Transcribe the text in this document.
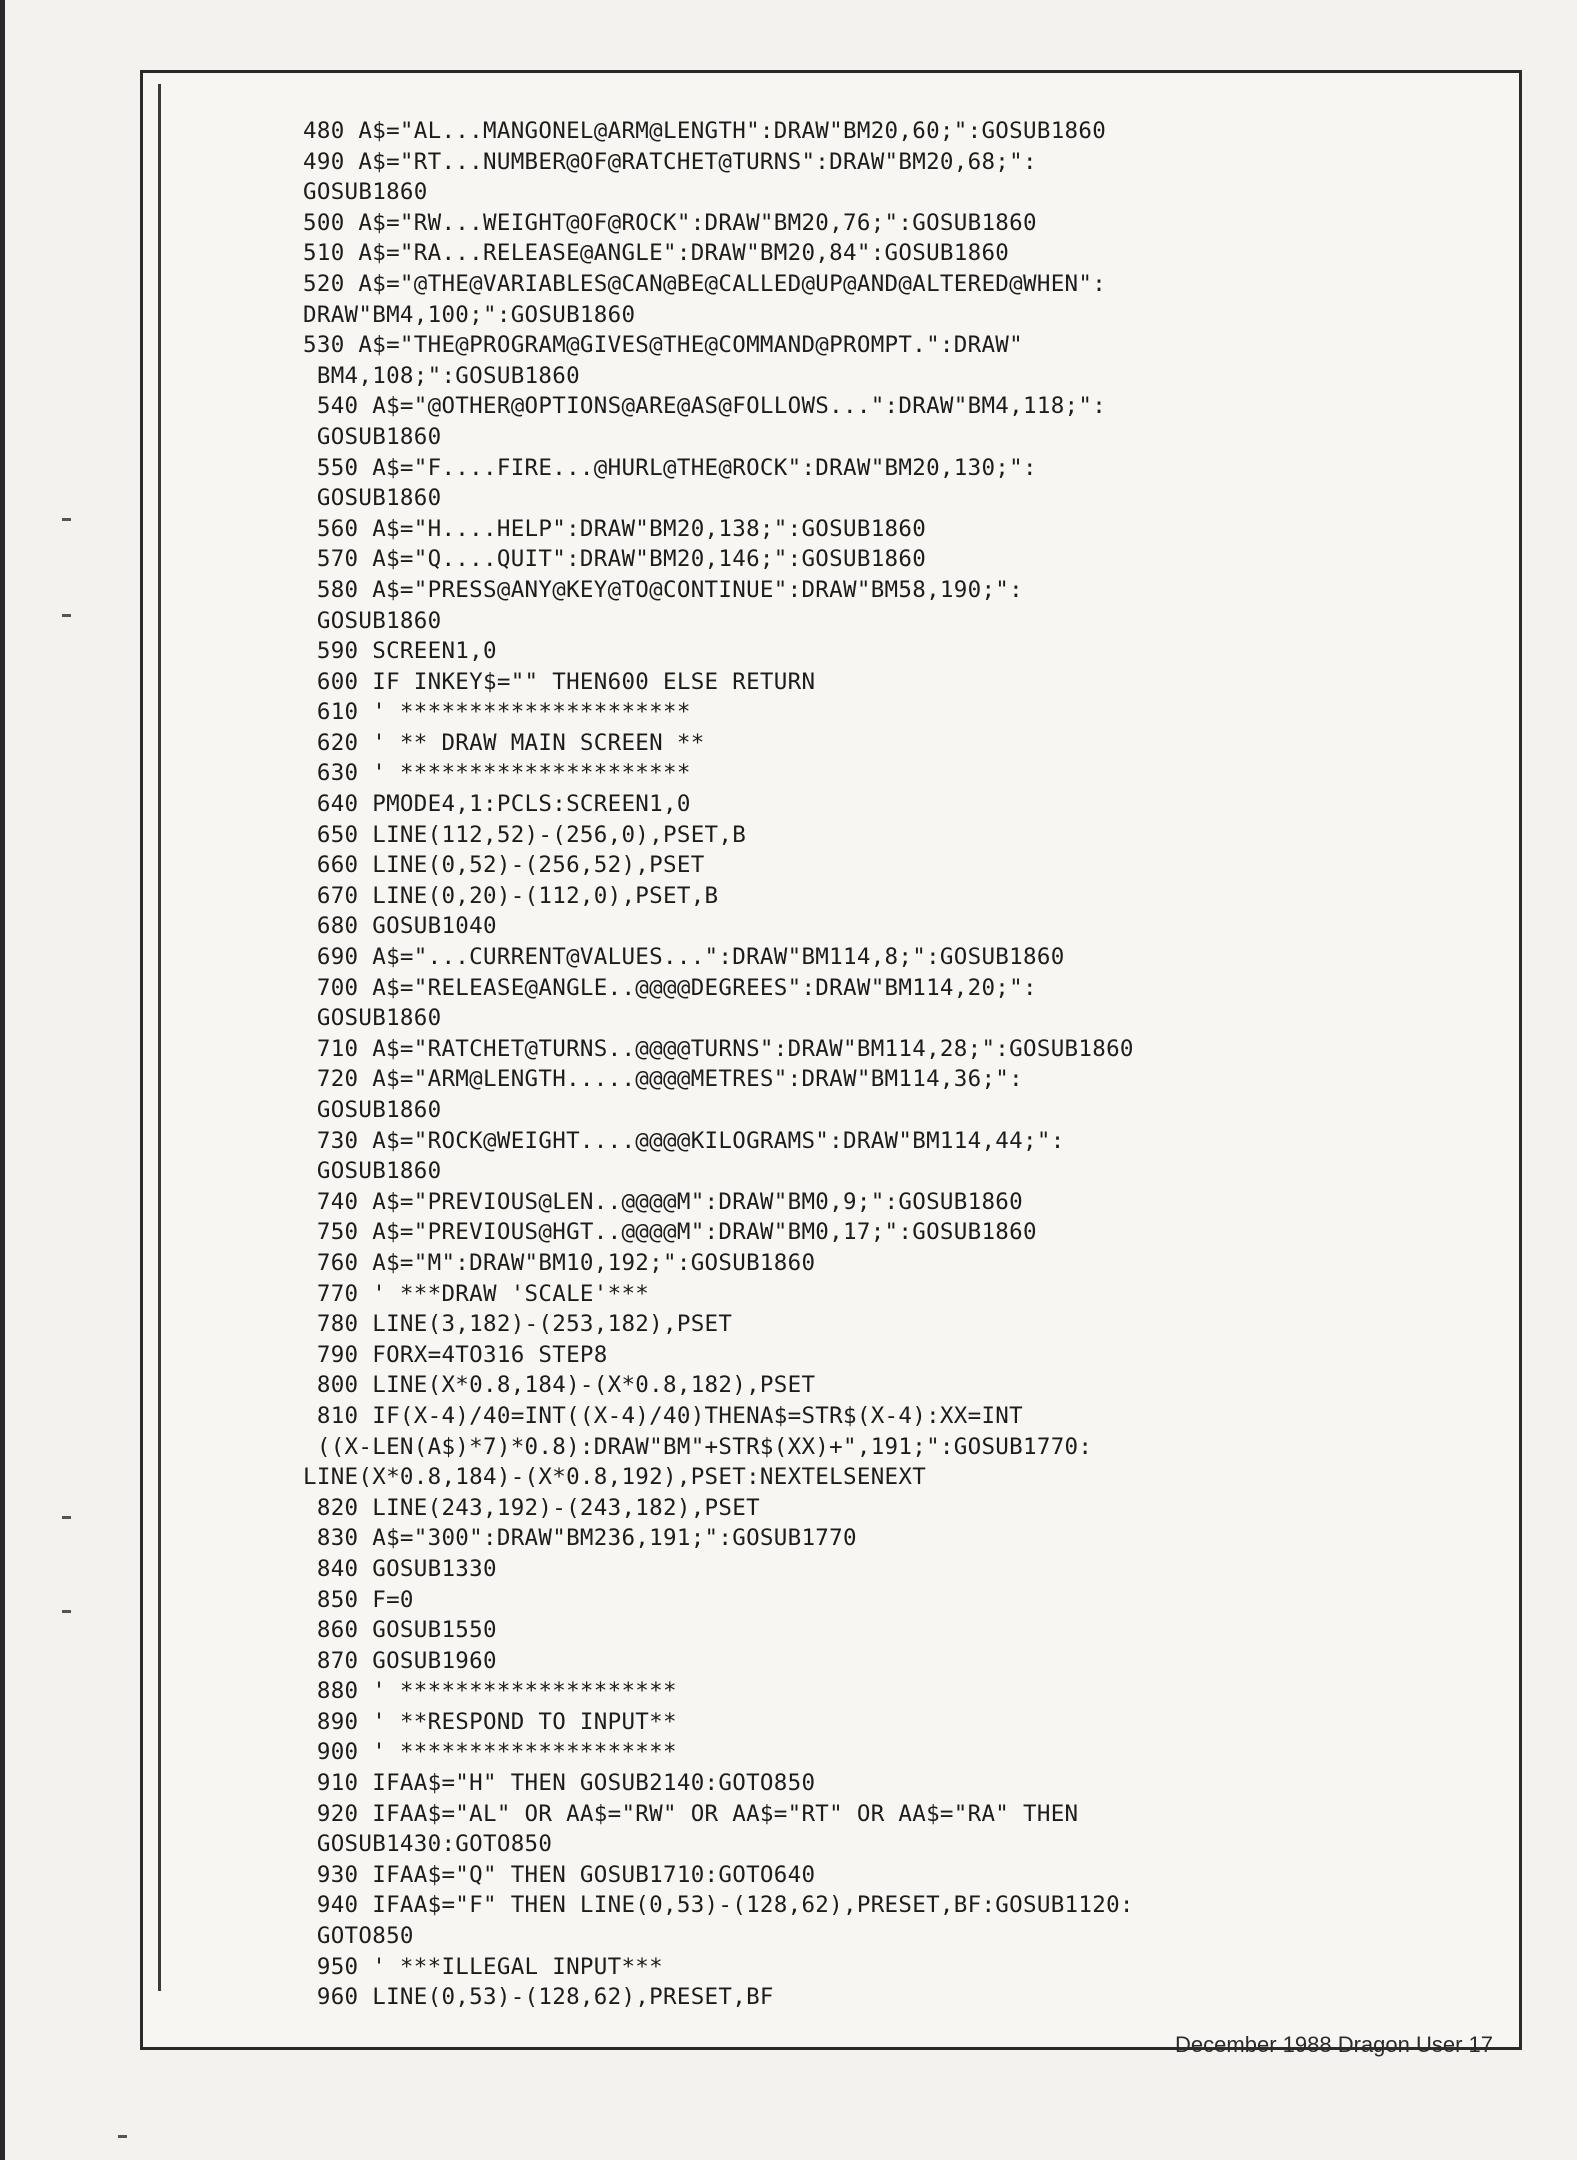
480 A$="AL...MANGONEL@ARM@LENGTH":DRAW"BM20,60;":GOSUB1860
490 A$="RT...NUMBER@OF@RATCHET@TURNS":DRAW"BM20,68;":
GOSUB1860
500 A$="RW...WEIGHT@OF@ROCK":DRAW"BM20,76;":GOSUB1860
510 A$="RA...RELEASE@ANGLE":DRAW"BM20,84":GOSUB1860
520 A$="@THE@VARIABLES@CAN@BE@CALLED@UP@AND@ALTERED@WHEN":
DRAW"BM4,100;":GOSUB1860
530 A$="THE@PROGRAM@GIVES@THE@COMMAND@PROMPT.":DRAW"
BM4,108;":GOSUB1860
540 A$="@OTHER@OPTIONS@ARE@AS@FOLLOWS...":DRAW"BM4,118;":
GOSUB1860
550 A$="F....FIRE...@HURL@THE@ROCK":DRAW"BM20,130;":
GOSUB1860
560 A$="H....HELP":DRAW"BM20,138;":GOSUB1860
570 A$="Q....QUIT":DRAW"BM20,146;":GOSUB1860
580 A$="PRESS@ANY@KEY@TO@CONTINUE":DRAW"BM58,190;":
GOSUB1860
590 SCREEN1,0
600 IF INKEY$="" THEN600 ELSE RETURN
610 ' *********************
620 ' ** DRAW MAIN SCREEN **
630 ' *********************
640 PMODE4,1:PCLS:SCREEN1,0
650 LINE(112,52)-(256,0),PSET,B
660 LINE(0,52)-(256,52),PSET
670 LINE(0,20)-(112,0),PSET,B
680 GOSUB1040
690 A$="...CURRENT@VALUES...":DRAW"BM114,8;":GOSUB1860
700 A$="RELEASE@ANGLE..@@@@DEGREES":DRAW"BM114,20;":
GOSUB1860
710 A$="RATCHET@TURNS..@@@@TURNS":DRAW"BM114,28;":GOSUB1860
720 A$="ARM@LENGTH.....@@@@METRES":DRAW"BM114,36;":
GOSUB1860
730 A$="ROCK@WEIGHT....@@@@KILOGRAMS":DRAW"BM114,44;":
GOSUB1860
740 A$="PREVIOUS@LEN..@@@@M":DRAW"BM0,9;":GOSUB1860
750 A$="PREVIOUS@HGT..@@@@M":DRAW"BM0,17;":GOSUB1860
760 A$="M":DRAW"BM10,192;":GOSUB1860
770 ' ***DRAW 'SCALE'***
780 LINE(3,182)-(253,182),PSET
790 FORX=4TO316 STEP8
800 LINE(X*0.8,184)-(X*0.8,182),PSET
810 IF(X-4)/40=INT((X-4)/40)THENA$=STR$(X-4):XX=INT
((X-LEN(A$)*7)*0.8):DRAW"BM"+STR$(XX)+",191;":GOSUB1770:
LINE(X*0.8,184)-(X*0.8,192),PSET:NEXTELSENEXT
820 LINE(243,192)-(243,182),PSET
830 A$="300":DRAW"BM236,191;":GOSUB1770
840 GOSUB1330
850 F=0
860 GOSUB1550
870 GOSUB1960
880 ' ********************
890 ' **RESPOND TO INPUT**
900 ' ********************
910 IFAA$="H" THEN GOSUB2140:GOTO850
920 IFAA$="AL" OR AA$="RW" OR AA$="RT" OR AA$="RA" THEN
GOSUB1430:GOTO850
930 IFAA$="Q" THEN GOSUB1710:GOTO640
940 IFAA$="F" THEN LINE(0,53)-(128,62),PRESET,BF:GOSUB1120:
GOTO850
950 ' ***ILLEGAL INPUT***
960 LINE(0,53)-(128,62),PRESET,BF
December 1988 Dragon User 17
